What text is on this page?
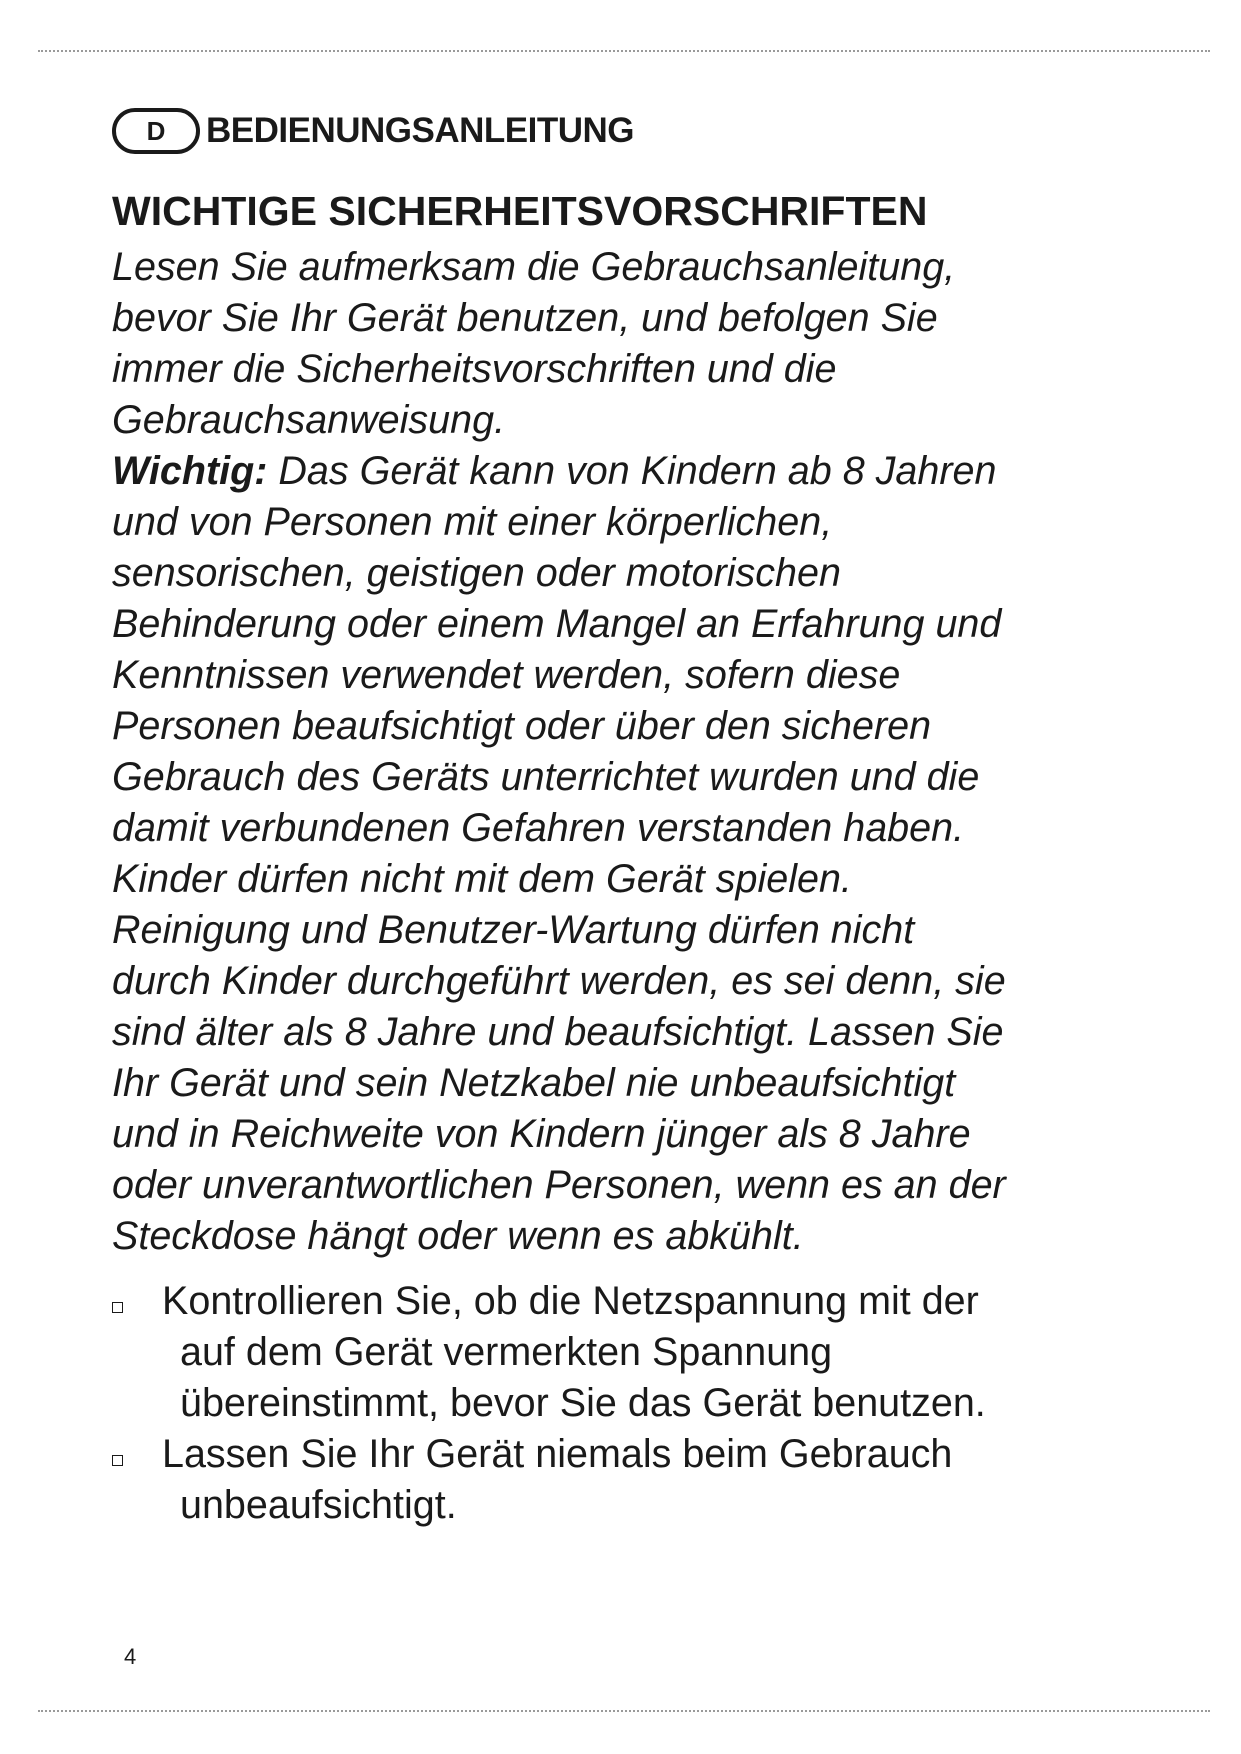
D	BEDIENUNGSANLEITUNG
WICHTIGE SICHERHEITSVORSCHRIFTEN

Lesen Sie aufmerksam die Gebrauchsanleitung,
bevor Sie Ihr Gerät benutzen, und befolgen Sie
immer die Sicherheitsvorschriften und die
Gebrauchsanweisung.

Wichtig: Das Gerät kann von Kindern ab 8 Jahren
und von Personen mit einer körperlichen,
sensorischen, geistigen oder motorischen
Behinderung oder einem Mangel an Erfahrung und
Kenntnissen verwendet werden, sofern diese
Personen beaufsichtigt oder über den sicheren
Gebrauch des Geräts unterrichtet wurden und die
damit verbundenen Gefahren verstanden haben.
Kinder dürfen nicht mit dem Gerät spielen.
Reinigung und Benutzer-Wartung dürfen nicht
durch Kinder durchgeführt werden, es sei denn, sie
sind älter als 8 Jahre und beaufsichtigt. Lassen Sie
Ihr Gerät und sein Netzkabel nie unbeaufsichtigt
und in Reichweite von Kindern jünger als 8 Jahre
oder unverantwortlichen Personen, wenn es an der
Steckdose hängt oder wenn es abkühlt.

Kontrollieren Sie, ob die Netzspannung mit der
auf dem Gerät vermerkten Spannung
übereinstimmt, bevor Sie das Gerät benutzen.
Lassen Sie Ihr Gerät niemals beim Gebrauch
unbeaufsichtigt.
4
